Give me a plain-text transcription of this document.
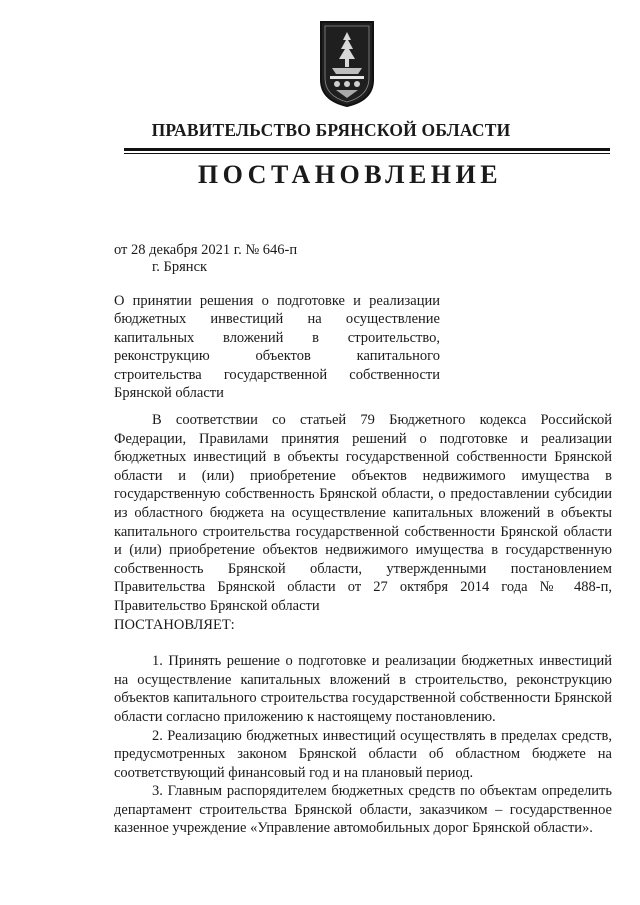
ПРАВИТЕЛЬСТВО БРЯНСКОЙ ОБЛАСТИ
ПОСТАНОВЛЕНИЕ
от 28 декабря 2021 г. № 646-п
г. Брянск
О принятии решения о подготовке и реализации бюджетных инвестиций на осуществление капитальных вложений в строительство, реконструкцию объектов капитального строительства государственной собственности Брянской области

В соответствии со статьей 79 Бюджетного кодекса Российской Федерации, Правилами принятия решений о подготовке и реализации бюджетных инвестиций в объекты государственной собственности Брянской области и (или) приобретение объектов недвижимого имущества в государственную собственность Брянской области, о предоставлении субсидии из областного бюджета на осуществление капитальных вложений в объекты капитального строительства государственной собственности Брянской области и (или) приобретение объектов недвижимого имущества в государственную собственность Брянской области, утвержденными постановлением Правительства Брянской области от 27 октября 2014 года № 488-п, Правительство Брянской области

ПОСТАНОВЛЯЕТ:

1. Принять решение о подготовке и реализации бюджетных инвестиций на осуществление капитальных вложений в строительство, реконструкцию объектов капитального строительства государственной собственности Брянской области согласно приложению к настоящему постановлению.

2. Реализацию бюджетных инвестиций осуществлять в пределах средств, предусмотренных законом Брянской области об областном бюджете на соответствующий финансовый год и на плановый период.

3. Главным распорядителем бюджетных средств по объектам определить департамент строительства Брянской области, заказчиком – государственное казенное учреждение «Управление автомобильных дорог Брянской области».
